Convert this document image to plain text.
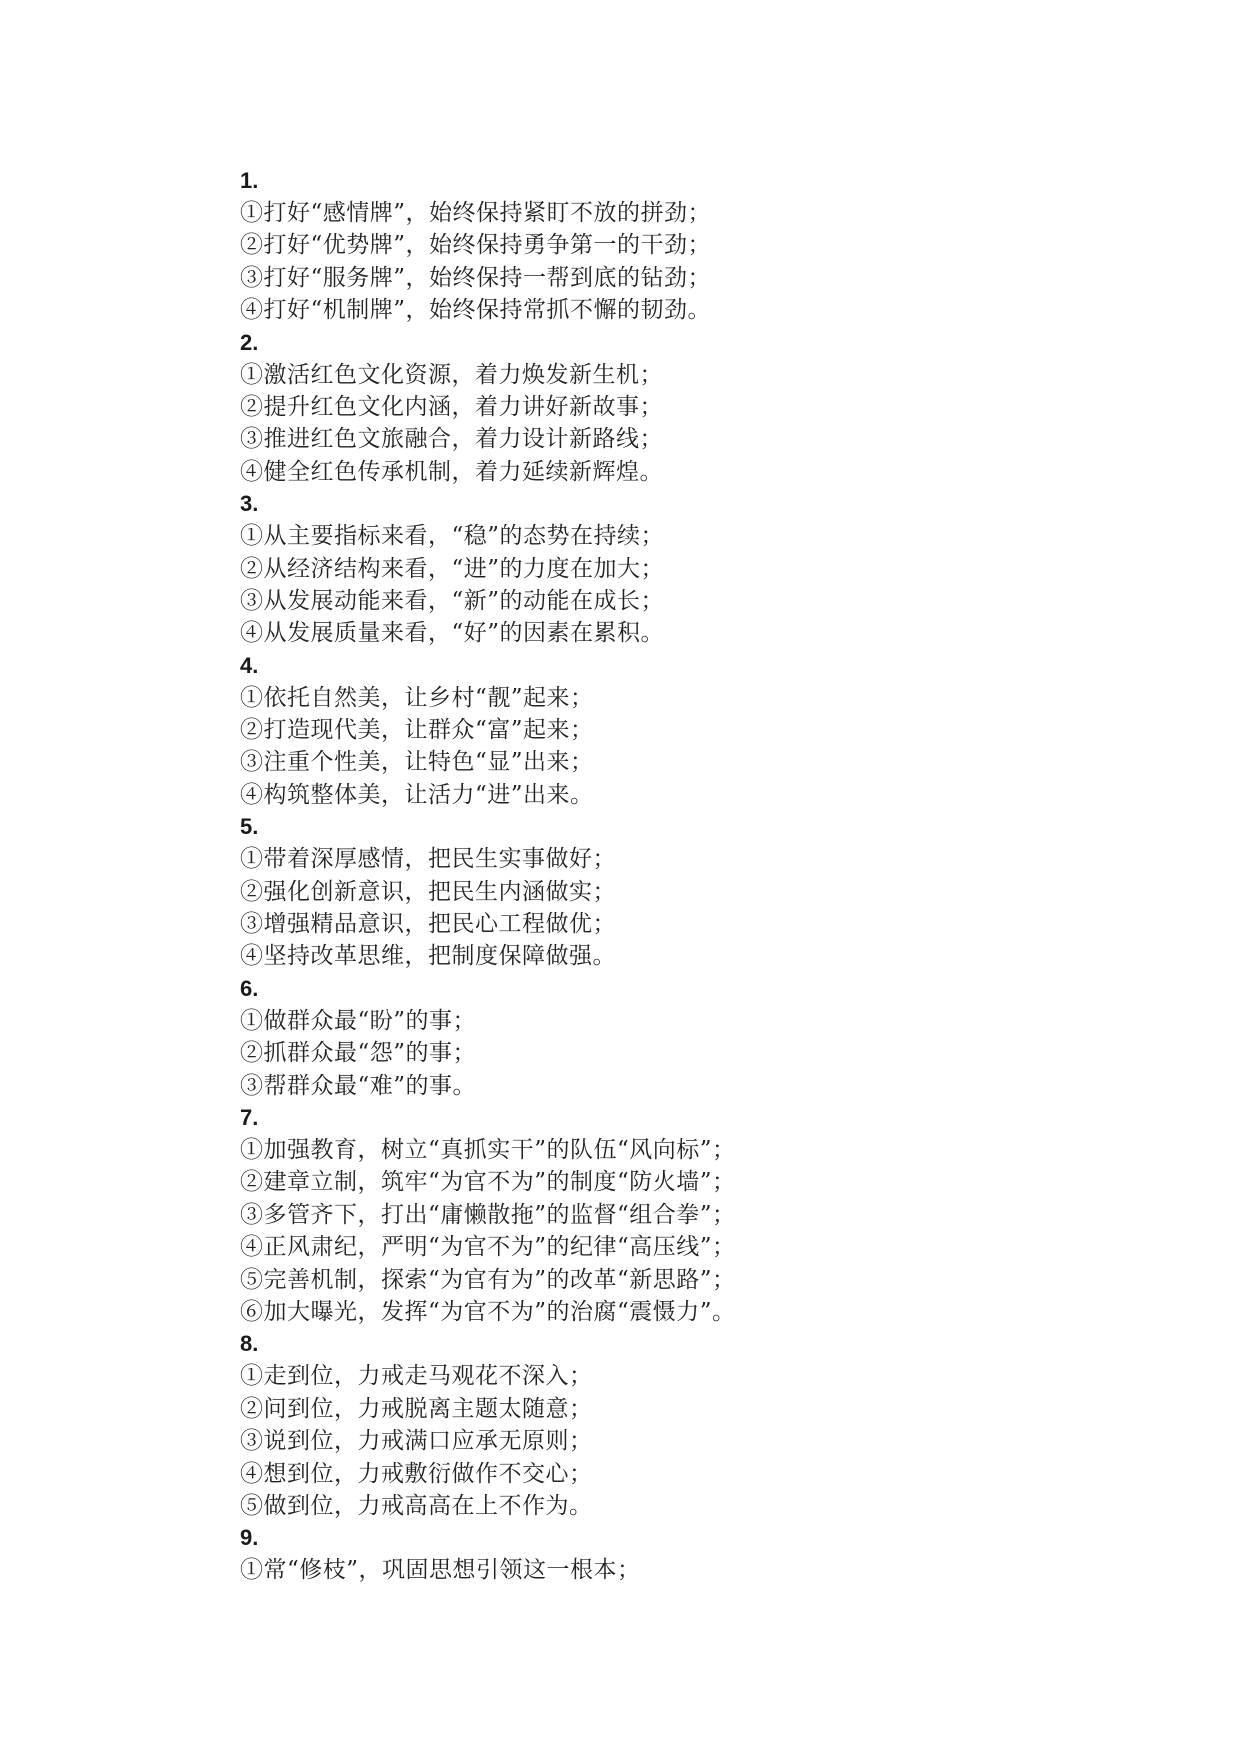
1.
①打好“感情牌”，始终保持紧盯不放的拼劲；
②打好“优势牌”，始终保持勇争第一的干劲；
③打好“服务牌”，始终保持一帮到底的钻劲；
④打好“机制牌”，始终保持常抓不懈的韧劲。
2.
①激活红色文化资源，着力焕发新生机；
②提升红色文化内涵，着力讲好新故事；
③推进红色文旅融合，着力设计新路线；
④健全红色传承机制，着力延续新辉煌。
3.
①从主要指标来看，“稳”的态势在持续；
②从经济结构来看，“进”的力度在加大；
③从发展动能来看，“新”的动能在成长；
④从发展质量来看，“好”的因素在累积。
4.
①依托自然美，让乡村“靓”起来；
②打造现代美，让群众“富”起来；
③注重个性美，让特色“显”出来；
④构筑整体美，让活力“进”出来。
5.
①带着深厚感情，把民生实事做好；
②强化创新意识，把民生内涵做实；
③增强精品意识，把民心工程做优；
④坚持改革思维，把制度保障做强。
6.
①做群众最“盼”的事；
②抓群众最“怨”的事；
③帮群众最“难”的事。
7.
①加强教育，树立“真抓实干”的队伍“风向标”；
②建章立制，筑牢“为官不为”的制度“防火墙”；
③多管齐下，打出“庸懒散拖”的监督“组合拳”；
④正风肃纪，严明“为官不为”的纪律“高压线”；
⑤完善机制，探索“为官有为”的改革“新思路”；
⑥加大曝光，发挥“为官不为”的治腐“震慑力”。
8.
①走到位，力戒走马观花不深入；
②问到位，力戒脱离主题太随意；
③说到位，力戒满口应承无原则；
④想到位，力戒敷衍做作不交心；
⑤做到位，力戒高高在上不作为。
9.
①常“修枝”，巩固思想引领这一根本；
